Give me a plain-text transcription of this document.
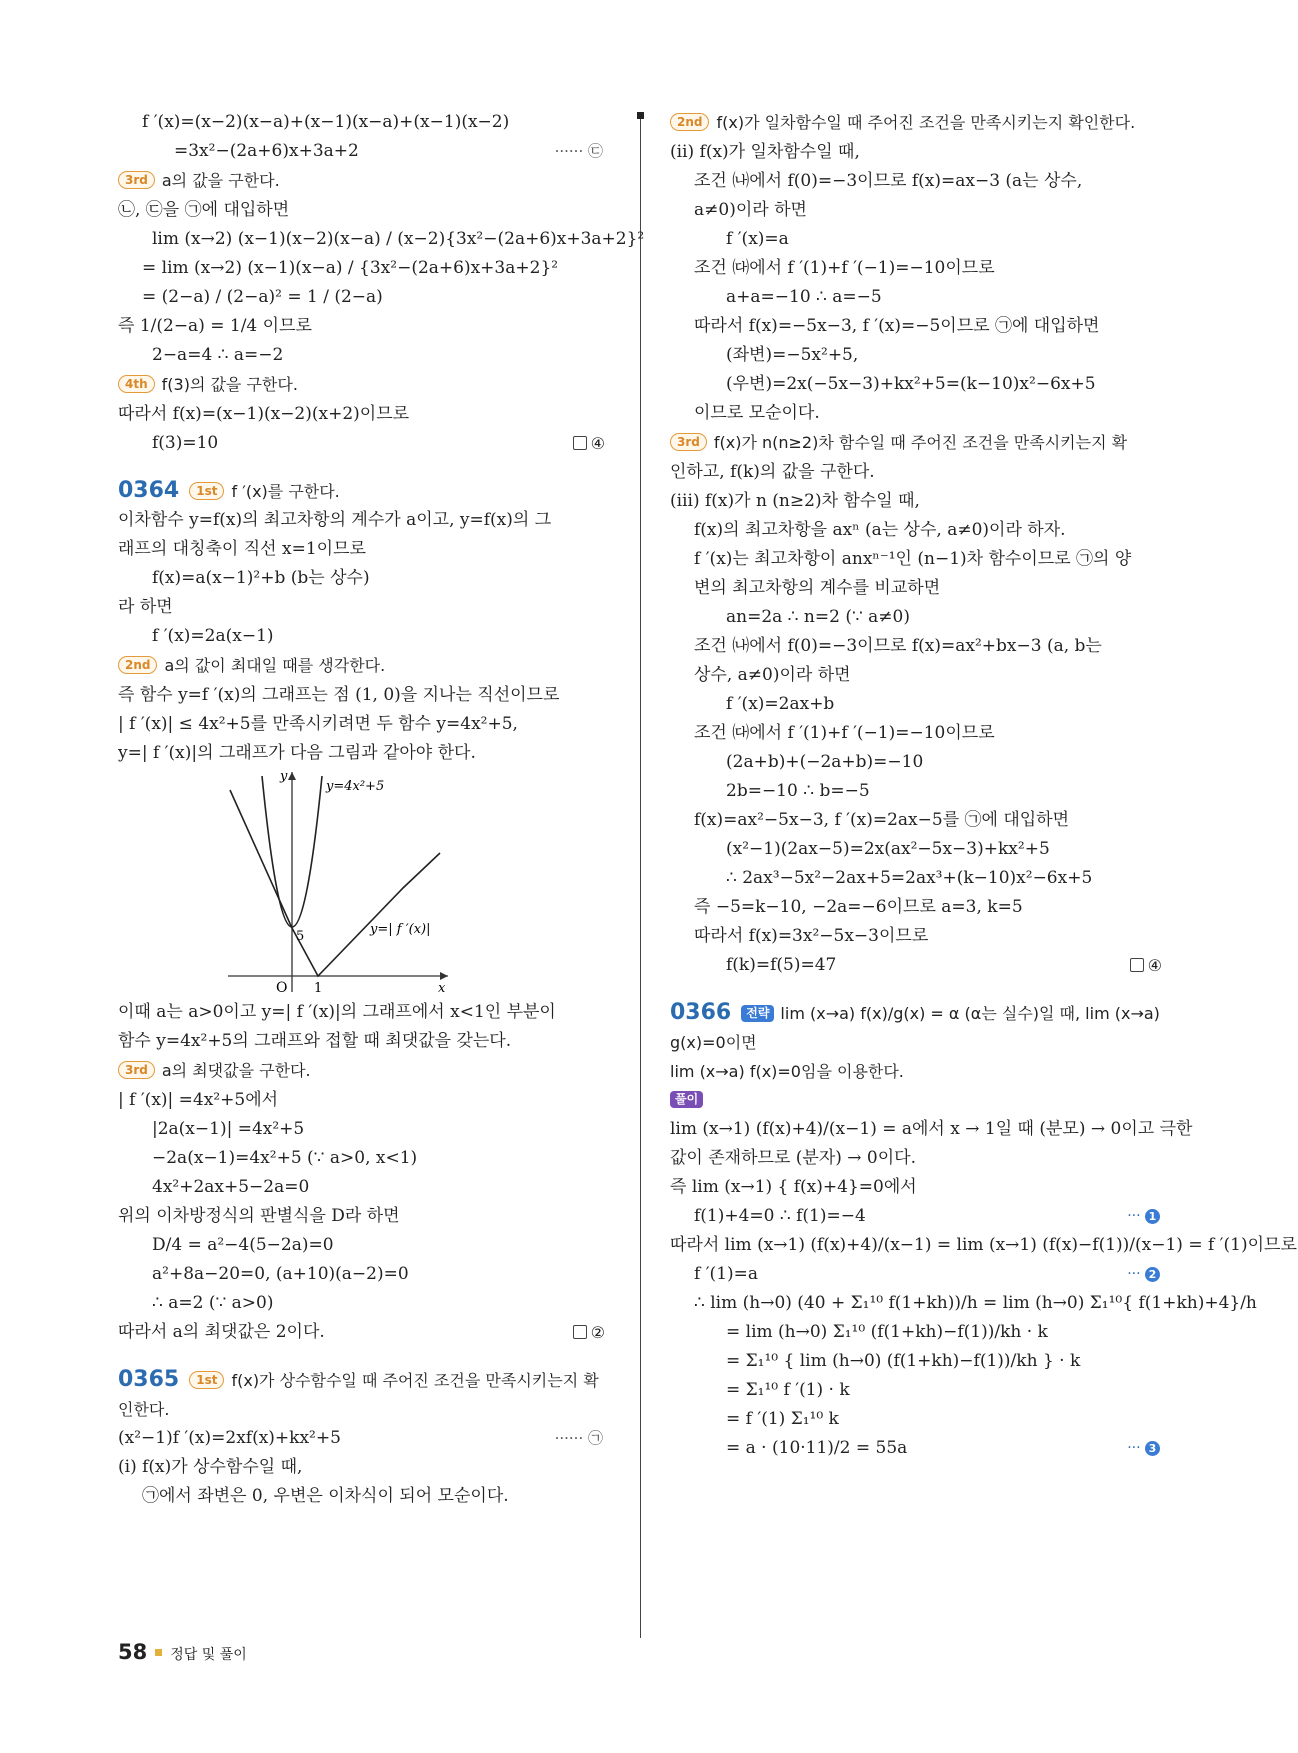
f ′(x)=(x−2)(x−a)+(x−1)(x−a)+(x−1)(x−2)
=3x²−(2a+6)x+3a+2	······ ㉢
3rd a의 값을 구한다.
㉡, ㉢을 ㉠에 대입하면
lim (x→2) (x−1)(x−2)(x−a) / (x−2){3x²−(2a+6)x+3a+2}²
= lim (x→2) (x−1)(x−a) / {3x²−(2a+6)x+3a+2}²
= (2−a) / (2−a)² = 1 / (2−a)
즉 1/(2−a) = 1/4 이므로
2−a=4 ∴ a=−2
4th f(3)의 값을 구한다.
따라서 f(x)=(x−1)(x−2)(x+2)이므로
f(3)=10	④
0364 1st f ′(x)를 구한다.
이차함수 y=f(x)의 최고차항의 계수가 a이고, y=f(x)의 그
래프의 대칭축이 직선 x=1이므로
f(x)=a(x−1)²+b (b는 상수)
라 하면
f ′(x)=2a(x−1)
2nd a의 값이 최대일 때를 생각한다.
즉 함수 y=f ′(x)의 그래프는 점 (1, 0)을 지나는 직선이므로
| f ′(x)| ≤ 4x²+5를 만족시키려면 두 함수 y=4x²+5,
y=| f ′(x)|의 그래프가 다음 그림과 같아야 한다.
y
x
O 1
5
y=4x²+5
y=| f ′(x)|
이때 a는 a>0이고 y=| f ′(x)|의 그래프에서 x<1인 부분이
함수 y=4x²+5의 그래프와 접할 때 최댓값을 갖는다.
3rd a의 최댓값을 구한다.
| f ′(x)| =4x²+5에서
|2a(x−1)| =4x²+5
−2a(x−1)=4x²+5 (∵ a>0, x<1)
4x²+2ax+5−2a=0
위의 이차방정식의 판별식을 D라 하면
D/4 = a²−4(5−2a)=0
a²+8a−20=0, (a+10)(a−2)=0
∴ a=2 (∵ a>0)
따라서 a의 최댓값은 2이다.	②
0365 1st f(x)가 상수함수일 때 주어진 조건을 만족시키는지 확
인한다.
(x²−1)f ′(x)=2xf(x)+kx²+5	······ ㉠
(ⅰ) f(x)가 상수함수일 때,
㉠에서 좌변은 0, 우변은 이차식이 되어 모순이다.
2nd f(x)가 일차함수일 때 주어진 조건을 만족시키는지 확인한다.
(ⅱ) f(x)가 일차함수일 때,
조건 ㈏에서 f(0)=−3이므로 f(x)=ax−3 (a는 상수,
a≠0)이라 하면
f ′(x)=a
조건 ㈐에서 f ′(1)+f ′(−1)=−10이므로
a+a=−10 ∴ a=−5
따라서 f(x)=−5x−3, f ′(x)=−5이므로 ㉠에 대입하면
(좌변)=−5x²+5,
(우변)=2x(−5x−3)+kx²+5=(k−10)x²−6x+5
이므로 모순이다.
3rd f(x)가 n(n≥2)차 함수일 때 주어진 조건을 만족시키는지 확
인하고, f(k)의 값을 구한다.
(ⅲ) f(x)가 n (n≥2)차 함수일 때,
f(x)의 최고차항을 axⁿ (a는 상수, a≠0)이라 하자.
f ′(x)는 최고차항이 anxⁿ⁻¹인 (n−1)차 함수이므로 ㉠의 양
변의 최고차항의 계수를 비교하면
an=2a ∴ n=2 (∵ a≠0)
조건 ㈏에서 f(0)=−3이므로 f(x)=ax²+bx−3 (a, b는
상수, a≠0)이라 하면
f ′(x)=2ax+b
조건 ㈐에서 f ′(1)+f ′(−1)=−10이므로
(2a+b)+(−2a+b)=−10
2b=−10 ∴ b=−5
f(x)=ax²−5x−3, f ′(x)=2ax−5를 ㉠에 대입하면
(x²−1)(2ax−5)=2x(ax²−5x−3)+kx²+5
∴ 2ax³−5x²−2ax+5=2ax³+(k−10)x²−6x+5
즉 −5=k−10, −2a=−6이므로 a=3, k=5
따라서 f(x)=3x²−5x−3이므로
f(k)=f(5)=47	④
0366 전략 lim (x→a) f(x)/g(x) = α (α는 실수)일 때, lim (x→a) g(x)=0이면
lim (x→a) f(x)=0임을 이용한다.
풀이
lim (x→1) (f(x)+4)/(x−1) = a에서 x → 1일 때 (분모) → 0이고 극한
값이 존재하므로 (분자) → 0이다.
즉 lim (x→1) { f(x)+4}=0에서
f(1)+4=0 ∴ f(1)=−4	··· 1
따라서 lim (x→1) (f(x)+4)/(x−1) = lim (x→1) (f(x)−f(1))/(x−1) = f ′(1)이므로
f ′(1)=a	··· 2
∴ lim (h→0) (40 + Σ₁¹⁰ f(1+kh))/h = lim (h→0) Σ₁¹⁰{ f(1+kh)+4}/h
= lim (h→0) Σ₁¹⁰ (f(1+kh)−f(1))/kh · k
= Σ₁¹⁰ { lim (h→0) (f(1+kh)−f(1))/kh } · k
= Σ₁¹⁰ f ′(1) · k
= f ′(1) Σ₁¹⁰ k
= a · (10·11)/2 = 55a	··· 3
58 정답 및 풀이
